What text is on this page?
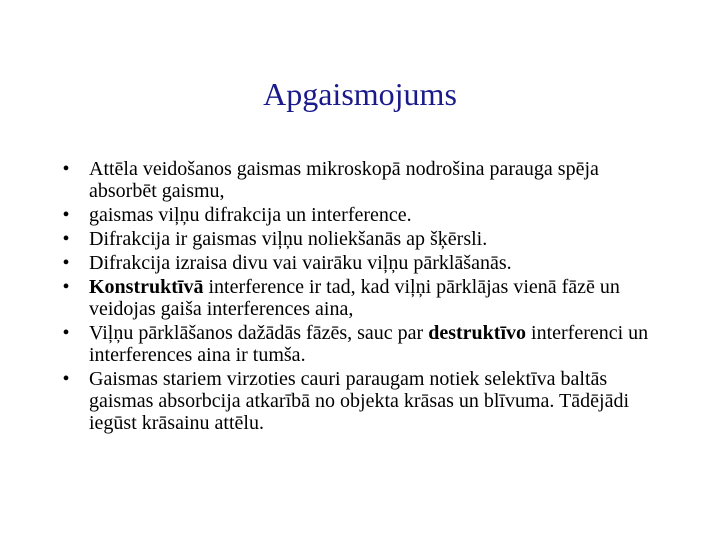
Apgaismojums
• Attēla veidošanos gaismas mikroskopā nodrošina parauga spēja absorbēt gaismu,
• gaismas viļņu difrakcija un interference.
• Difrakcija ir gaismas viļņu noliekšanās ap šķērsli.
• Difrakcija izraisa divu vai vairāku viļņu pārklāšanās.
• Konstruktīvā interference ir tad, kad viļņi pārklājas vienā fāzē un veidojas gaiša interferences aina,
• Viļņu pārklāšanos dažādās fāzēs, sauc par destruktīvo interferenci un interferences aina ir tumša.
• Gaismas stariem virzoties cauri paraugam notiek selektīva baltās gaismas absorbcija atkarībā no objekta krāsas un blīvuma. Tādējādi iegūst krāsainu attēlu.
